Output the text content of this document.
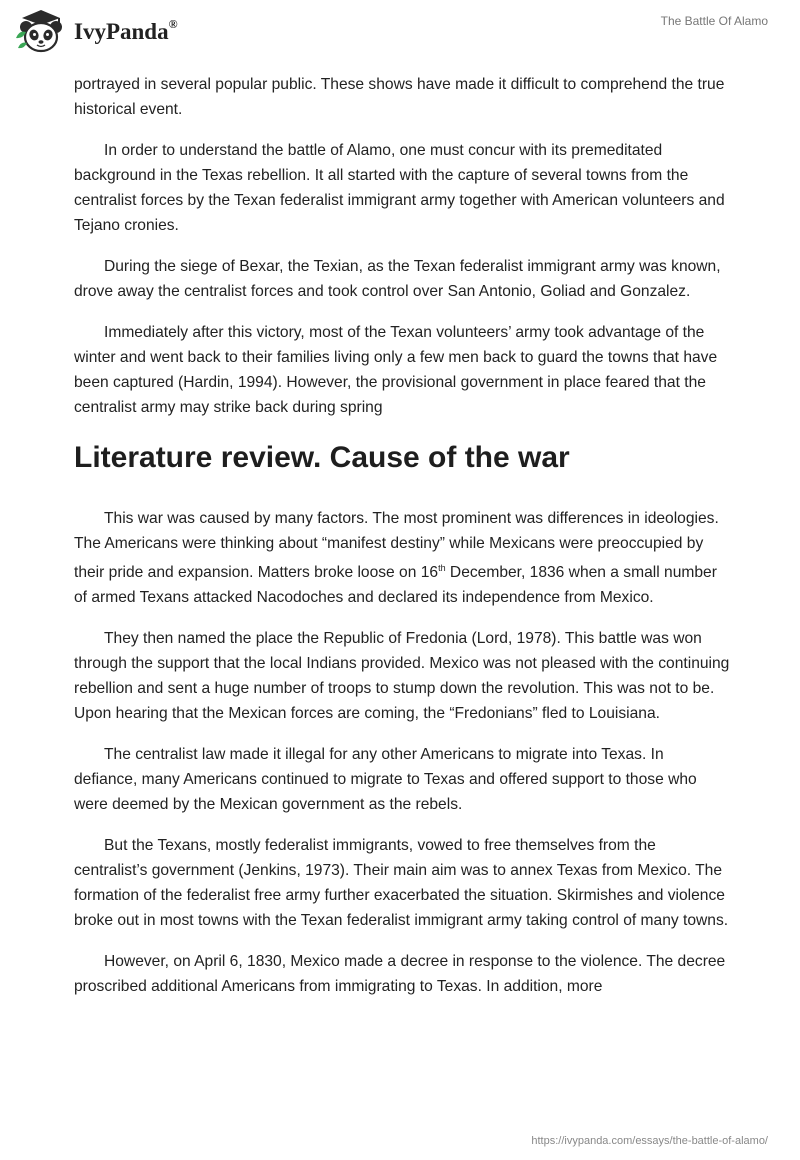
IvyPanda®	The Battle Of Alamo

portrayed in several popular public. These shows have made it difficult to comprehend the true historical event.

In order to understand the battle of Alamo, one must concur with its premeditated background in the Texas rebellion. It all started with the capture of several towns from the centralist forces by the Texan federalist immigrant army together with American volunteers and Tejano cronies.

During the siege of Bexar, the Texian, as the Texan federalist immigrant army was known, drove away the centralist forces and took control over San Antonio, Goliad and Gonzalez.

Immediately after this victory, most of the Texan volunteers’ army took advantage of the winter and went back to their families living only a few men back to guard the towns that have been captured (Hardin, 1994). However, the provisional government in place feared that the centralist army may strike back during spring

Literature review. Cause of the war

This war was caused by many factors. The most prominent was differences in ideologies. The Americans were thinking about “manifest destiny” while Mexicans were preoccupied by their pride and expansion. Matters broke loose on 16th December, 1836 when a small number of armed Texans attacked Nacodoches and declared its independence from Mexico.

They then named the place the Republic of Fredonia (Lord, 1978). This battle was won through the support that the local Indians provided. Mexico was not pleased with the continuing rebellion and sent a huge number of troops to stump down the revolution. This was not to be. Upon hearing that the Mexican forces are coming, the “Fredonians” fled to Louisiana.

The centralist law made it illegal for any other Americans to migrate into Texas. In defiance, many Americans continued to migrate to Texas and offered support to those who were deemed by the Mexican government as the rebels.

But the Texans, mostly federalist immigrants, vowed to free themselves from the centralist’s government (Jenkins, 1973). Their main aim was to annex Texas from Mexico. The formation of the federalist free army further exacerbated the situation. Skirmishes and violence broke out in most towns with the Texan federalist immigrant army taking control of many towns.

However, on April 6, 1830, Mexico made a decree in response to the violence. The decree proscribed additional Americans from immigrating to Texas. In addition, more

https://ivypanda.com/essays/the-battle-of-alamo/
